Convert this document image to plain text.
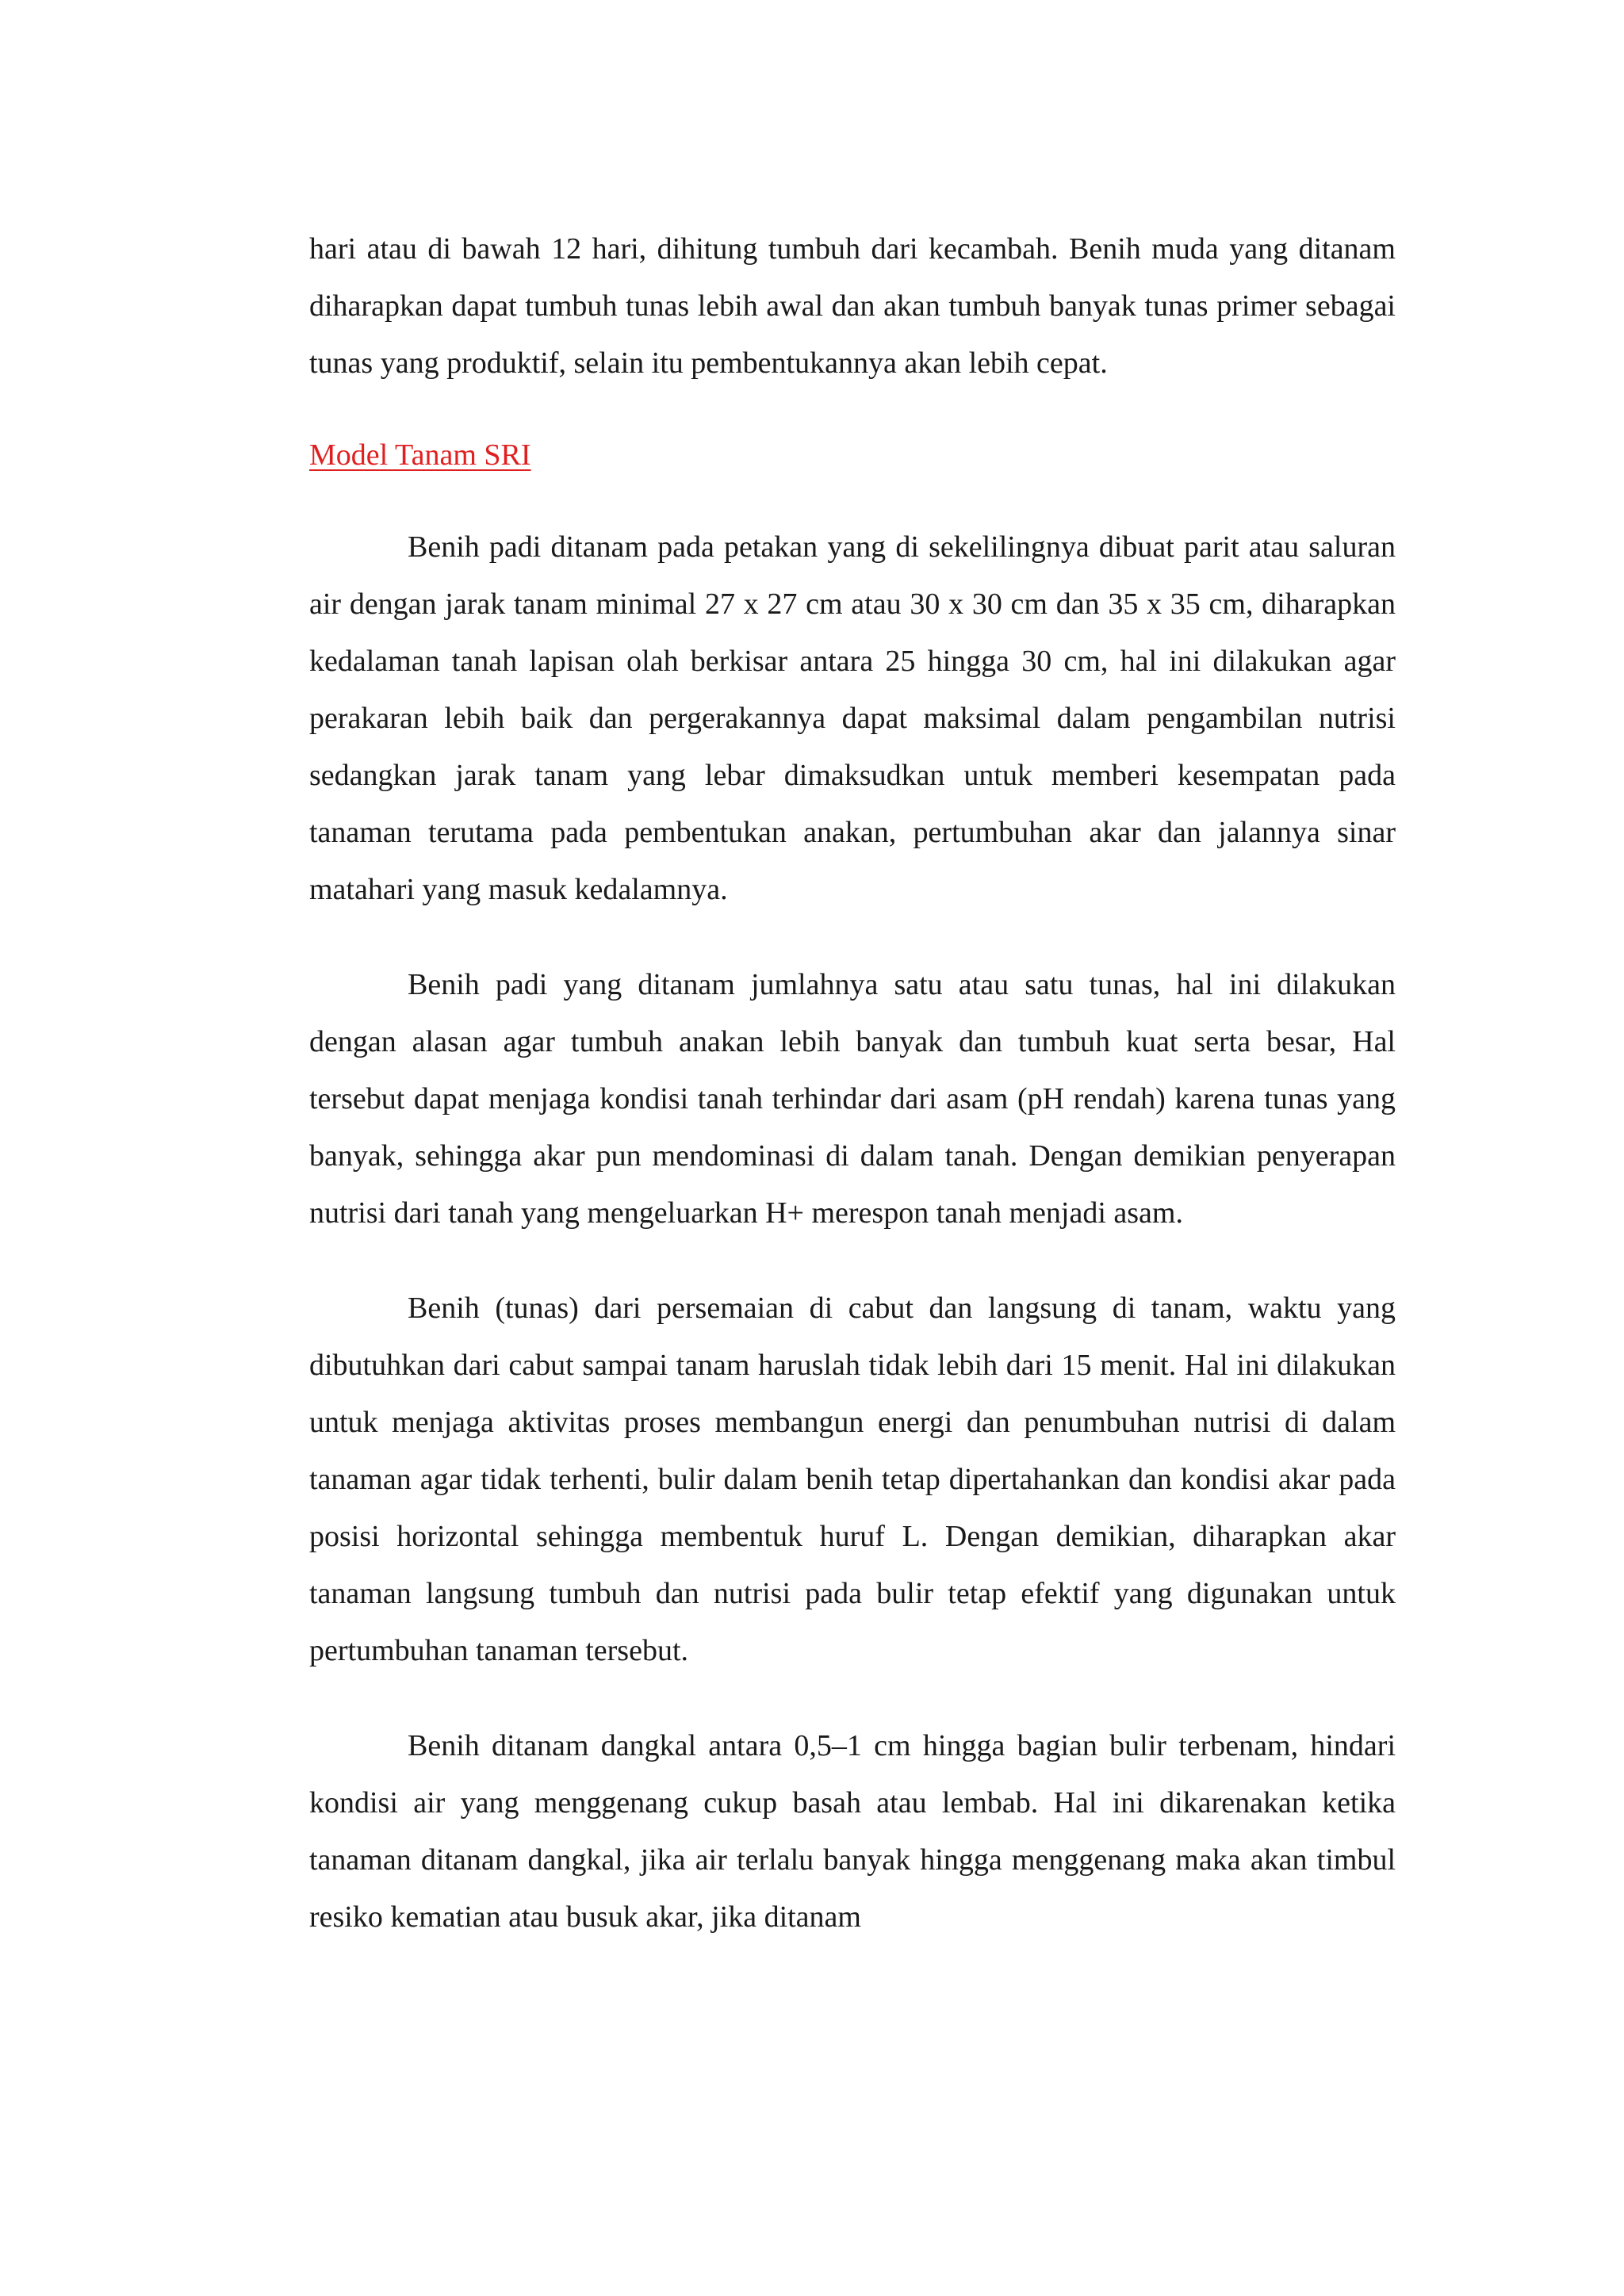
hari atau di bawah 12 hari, dihitung tumbuh dari kecambah. Benih muda yang ditanam diharapkan dapat tumbuh tunas lebih awal dan akan tumbuh banyak tunas primer sebagai tunas yang produktif, selain itu pembentukannya akan lebih cepat.

Model Tanam SRI

Benih padi ditanam pada petakan yang di sekelilingnya dibuat parit atau saluran air dengan jarak tanam minimal 27 x 27 cm atau 30 x 30 cm dan 35 x 35 cm, diharapkan kedalaman tanah lapisan olah berkisar antara 25 hingga 30 cm, hal ini dilakukan agar perakaran lebih baik dan pergerakannya dapat maksimal dalam pengambilan nutrisi sedangkan jarak tanam yang lebar dimaksudkan untuk memberi kesempatan pada tanaman terutama pada pembentukan anakan, pertumbuhan akar dan jalannya sinar matahari yang masuk kedalamnya.

Benih padi yang ditanam jumlahnya satu atau satu tunas, hal ini dilakukan dengan alasan agar tumbuh anakan lebih banyak dan tumbuh kuat serta besar, Hal tersebut dapat menjaga kondisi tanah terhindar dari asam (pH rendah) karena tunas yang banyak, sehingga akar pun mendominasi di dalam tanah. Dengan demikian penyerapan nutrisi dari tanah yang mengeluarkan H+ merespon tanah menjadi asam.

Benih (tunas) dari persemaian di cabut dan langsung di tanam, waktu yang dibutuhkan dari cabut sampai tanam haruslah tidak lebih dari 15 menit. Hal ini dilakukan untuk menjaga aktivitas proses membangun energi dan penumbuhan nutrisi di dalam tanaman agar tidak terhenti, bulir dalam benih tetap dipertahankan dan kondisi akar pada posisi horizontal sehingga membentuk huruf L. Dengan demikian, diharapkan akar tanaman langsung tumbuh dan nutrisi pada bulir tetap efektif yang digunakan untuk pertumbuhan tanaman tersebut.

Benih ditanam dangkal antara 0,5–1 cm hingga bagian bulir terbenam, hindari kondisi air yang menggenang cukup basah atau lembab. Hal ini dikarenakan ketika tanaman ditanam dangkal, jika air terlalu banyak hingga menggenang maka akan timbul resiko kematian atau busuk akar, jika ditanam
